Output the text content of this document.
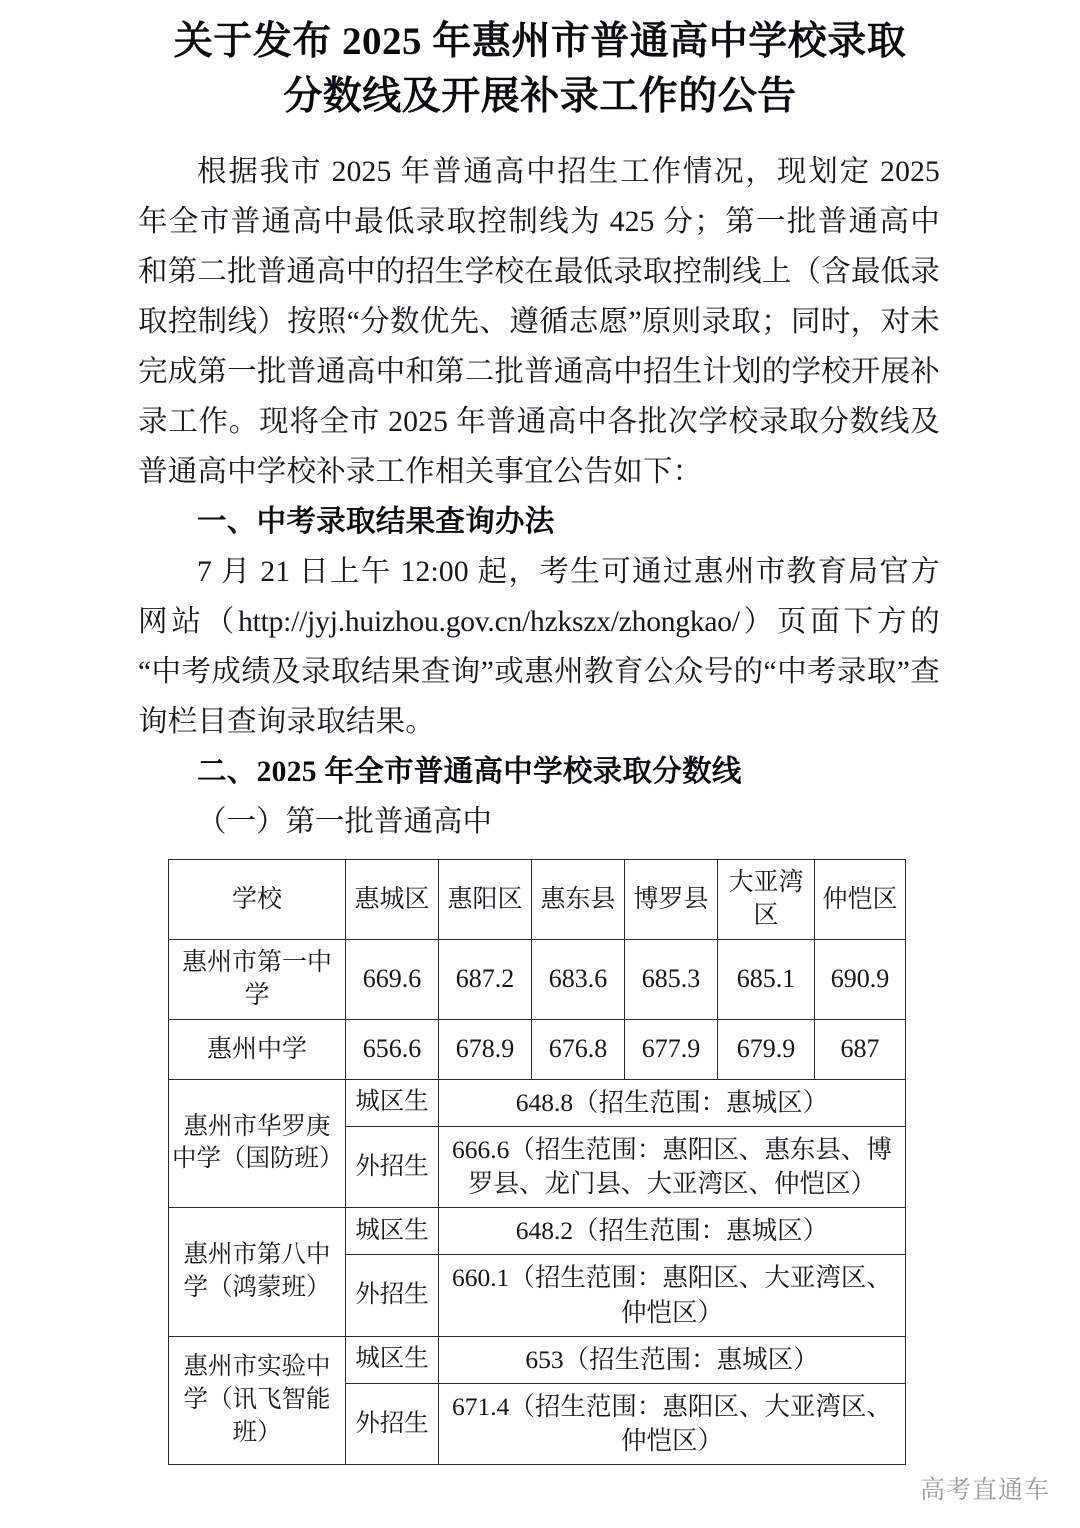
关于发布 2025 年惠州市普通高中学校录取
分数线及开展补录工作的公告

根据我市 2025 年普通高中招生工作情况，现划定 2025 年全市普通高中最低录取控制线为 425 分；第一批普通高中和第二批普通高中的招生学校在最低录取控制线上（含最低录取控制线）按照“分数优先、遵循志愿”原则录取；同时，对未完成第一批普通高中和第二批普通高中招生计划的学校开展补录工作。现将全市 2025 年普通高中各批次学校录取分数线及普通高中学校补录工作相关事宜公告如下：

一、中考录取结果查询办法

7 月 21 日上午 12:00 起，考生可通过惠州市教育局官方网站（http://jyj.huizhou.gov.cn/hzkszx/zhongkao/）页面下方的“中考成绩及录取结果查询”或惠州教育公众号的“中考录取”查询栏目查询录取结果。

二、2025 年全市普通高中学校录取分数线
（一）第一批普通高中
学校	惠城区	惠阳区	惠东县	博罗县	大亚湾区	仲恺区
惠州市第一中学	669.6	687.2	683.6	685.3	685.1	690.9
惠州中学	656.6	678.9	676.8	677.9	679.9	687
惠州市华罗庚中学（国防班）	城区生	648.8（招生范围：惠城区）				
	外招生	666.6（招生范围：惠阳区、惠东县、博罗县、龙门县、大亚湾区、仲恺区）				
惠州市第八中学（鸿蒙班）	城区生	648.2（招生范围：惠城区）				
	外招生	660.1（招生范围：惠阳区、大亚湾区、仲恺区）				
惠州市实验中学（讯飞智能班）	城区生	653（招生范围：惠城区）				
	外招生	671.4（招生范围：惠阳区、大亚湾区、仲恺区）				
高考直通车
